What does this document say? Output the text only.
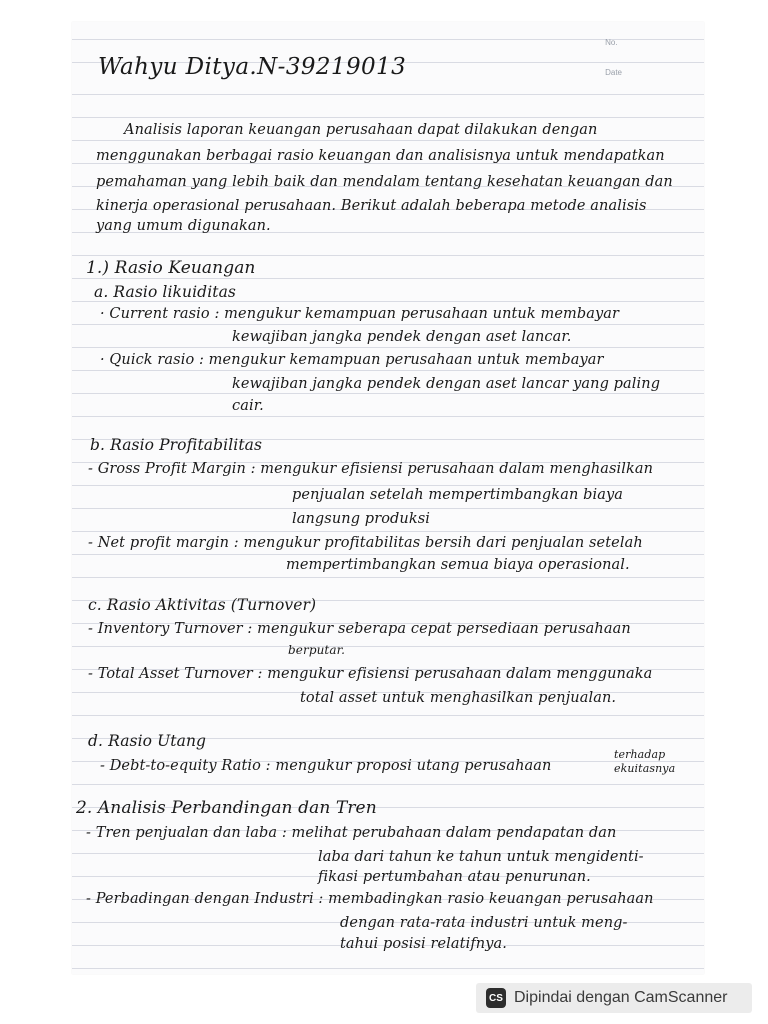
No.
Date
Wahyu Ditya.N-39219013
Analisis laporan keuangan perusahaan dapat dilakukan dengan
menggunakan berbagai rasio keuangan dan analisisnya untuk mendapatkan
pemahaman yang lebih baik dan mendalam tentang kesehatan keuangan dan
kinerja operasional perusahaan. Berikut adalah beberapa metode analisis
yang umum digunakan.
1.) Rasio Keuangan
a. Rasio likuiditas
· Current rasio : mengukur kemampuan perusahaan untuk membayar
kewajiban jangka pendek dengan aset lancar.
· Quick rasio : mengukur kemampuan perusahaan untuk membayar
kewajiban jangka pendek dengan aset lancar yang paling
cair.
b. Rasio Profitabilitas
- Gross Profit Margin : mengukur efisiensi perusahaan dalam menghasilkan
penjualan setelah mempertimbangkan biaya
langsung produksi
- Net profit margin : mengukur profitabilitas bersih dari penjualan setelah
mempertimbangkan semua biaya operasional.
c. Rasio Aktivitas (Turnover)
- Inventory Turnover : mengukur seberapa cepat persediaan perusahaan
berputar.
- Total Asset Turnover : mengukur efisiensi perusahaan dalam menggunaka
total asset untuk menghasilkan penjualan.
d. Rasio Utang
- Debt-to-equity Ratio : mengukur proposi utang perusahaan
terhadap
ekuitasnya
2. Analisis Perbandingan dan Tren
- Tren penjualan dan laba : melihat perubahaan dalam pendapatan dan
laba dari tahun ke tahun untuk mengidenti-
fikasi pertumbahan atau penurunan.
- Perbadingan dengan Industri : membadingkan rasio keuangan perusahaan
dengan rata-rata industri untuk meng-
tahui posisi relatifnya.
CS Dipindai dengan CamScanner
